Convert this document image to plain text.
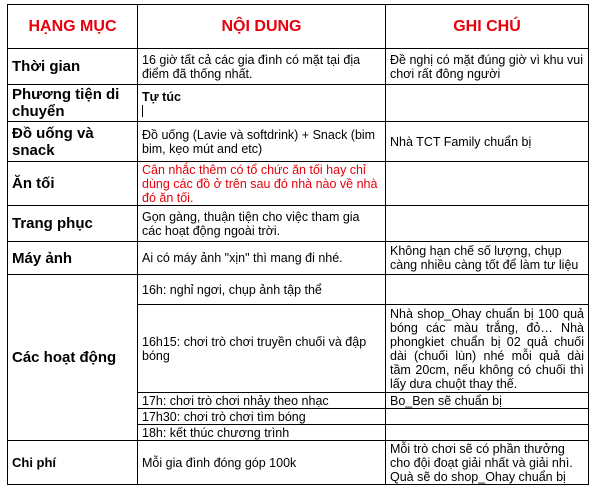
HẠNG MỤC	NỘI DUNG	GHI CHÚ
Thời gian	16 giờ tất cả các gia đình có mặt tại địa điểm đã thống nhất.	Đề nghị có mặt đúng giờ vì khu vui chơi rất đông người
Phương tiện di chuyển	Tự túc

Đồ uống và snack	Đồ uống (Lavie và softdrink) + Snack (bim bim, kẹo mút and etc)	Nhà TCT Family chuẩn bị
Ăn tối	Cân nhắc thêm có tổ chức ăn tối hay chỉ dùng các đồ ở trên sau đó nhà nào về nhà đó ăn tối.	
Trang phục	Gọn gàng, thuận tiện cho việc tham gia các hoạt động ngoài trời.	
Máy ảnh	Ai có máy ảnh "xịn" thì mang đi nhé.	Không hạn chế số lượng, chụp càng nhiều càng tốt để làm tư liệu
Các hoạt động	16h: nghỉ ngơi, chụp ảnh tập thể	
	16h15: chơi trò chơi truyền chuối và đập bóng	Nhà shop_Ohay chuẩn bị 100 quả bóng các màu trắng, đỏ… Nhà phongkiet chuẩn bị 02 quả chuối dài (chuối lùn) nhé mỗi quả dài tầm 20cm, nếu không có chuối thì lấy dưa chuột thay thế.
	17h: chơi trò chơi nhảy theo nhạc	Bo_Ben sẽ chuẩn bị
	17h30: chơi trò chơi tìm bóng	
	18h: kết thúc chương trình	
Chi phí	Mỗi gia đình đóng góp 100k	Mỗi trò chơi sẽ có phần thưởng cho đội đoạt giải nhất và giải nhì. Quà sẽ do shop_Ohay chuẩn bị
